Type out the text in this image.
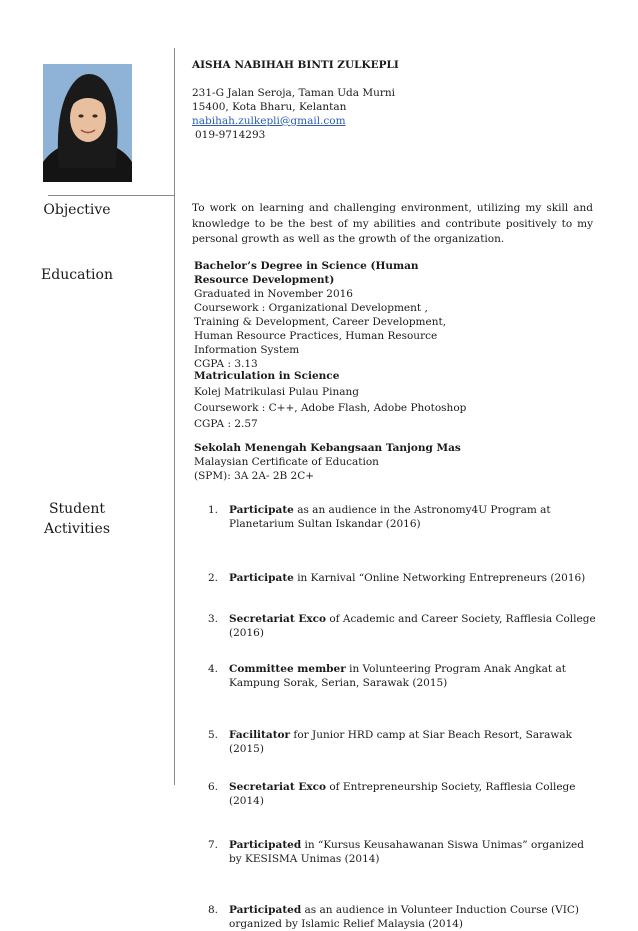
Objective
Education
Student
Activities
AISHA NABIHAH BINTI ZULKEPLI
231-G Jalan Seroja, Taman Uda Murni
15400, Kota Bharu, Kelantan
nabihah.zulkepli@gmail.com
019-9714293
To work on learning and challenging environment, utilizing my skill and knowledge to be the best of my abilities and contribute positively to my personal growth as well as the growth of the organization.
Bachelor’s Degree in Science (Human Resource Development)
Graduated in November 2016
Coursework : Organizational Development , Training & Development, Career Development, Human Resource Practices, Human Resource Information System
CGPA : 3.13
Matriculation in Science
Kolej Matrikulasi Pulau Pinang
Coursework : C++, Adobe Flash, Adobe Photoshop
CGPA : 2.57
Sekolah Menengah Kebangsaan Tanjong Mas
Malaysian Certificate of Education
(SPM): 3A 2A- 2B 2C+
1. Participate as an audience in the Astronomy4U Program at Planetarium Sultan Iskandar (2016)
2. Participate in Karnival “Online Networking Entrepreneurs (2016)
3. Secretariat Exco of Academic and Career Society, Rafflesia College (2016)
4. Committee member in Volunteering Program Anak Angkat at Kampung Sorak, Serian, Sarawak (2015)
5. Facilitator for Junior HRD camp at Siar Beach Resort, Sarawak (2015)
6. Secretariat Exco of Entrepreneurship Society, Rafflesia College (2014)
7. Participated in “Kursus Keusahawanan Siswa Unimas” organized by KESISMA Unimas (2014)
8. Participated as an audience in Volunteer Induction Course (VIC) organized by Islamic Relief Malaysia (2014)
